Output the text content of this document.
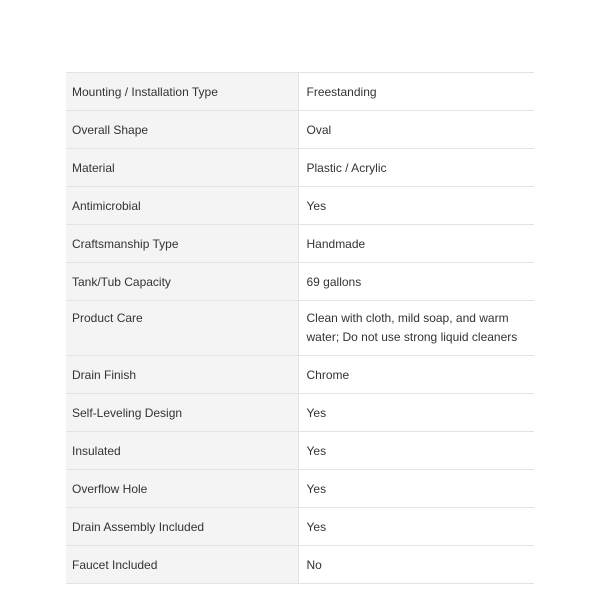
Mounting / Installation Type	Freestanding
Overall Shape	Oval
Material	Plastic / Acrylic
Antimicrobial	Yes
Craftsmanship Type	Handmade
Tank/Tub Capacity	69 gallons
Product Care	Clean with cloth, mild soap, and warm water; Do not use strong liquid cleaners
Drain Finish	Chrome
Self-Leveling Design	Yes
Insulated	Yes
Overflow Hole	Yes
Drain Assembly Included	Yes
Faucet Included	No
